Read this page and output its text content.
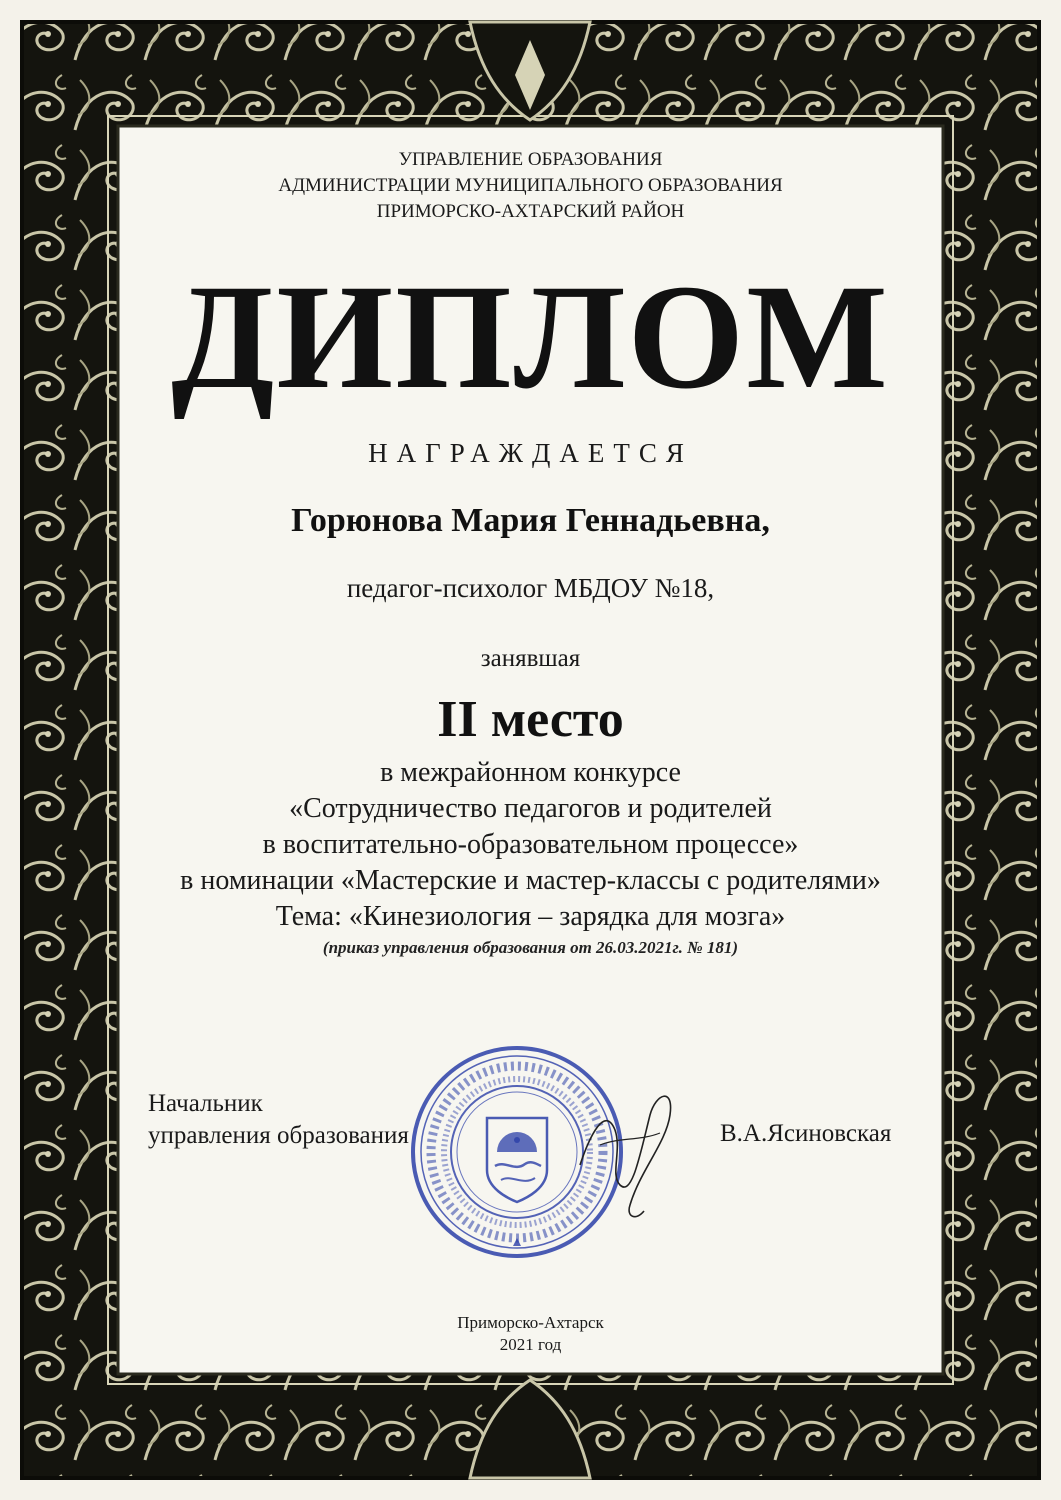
УПРАВЛЕНИЕ ОБРАЗОВАНИЯ
АДМИНИСТРАЦИИ МУНИЦИПАЛЬНОГО ОБРАЗОВАНИЯ
ПРИМОРСКО-АХТАРСКИЙ РАЙОН
ДИПЛОМ
НАГРАЖДАЕТСЯ
Горюнова Мария Геннадьевна,
педагог-психолог МБДОУ №18,
занявшая
II место
в межрайонном конкурсе
«Сотрудничество педагогов и родителей
в воспитательно-образовательном процессе»
в номинации «Мастерские и мастер-классы с родителями»
Тема: «Кинезиология – зарядка для мозга»
(приказ управления образования от 26.03.2021г. № 181)
Начальник
управления образования	В.А.Ясиновская
Приморско-Ахтарск
2021 год
